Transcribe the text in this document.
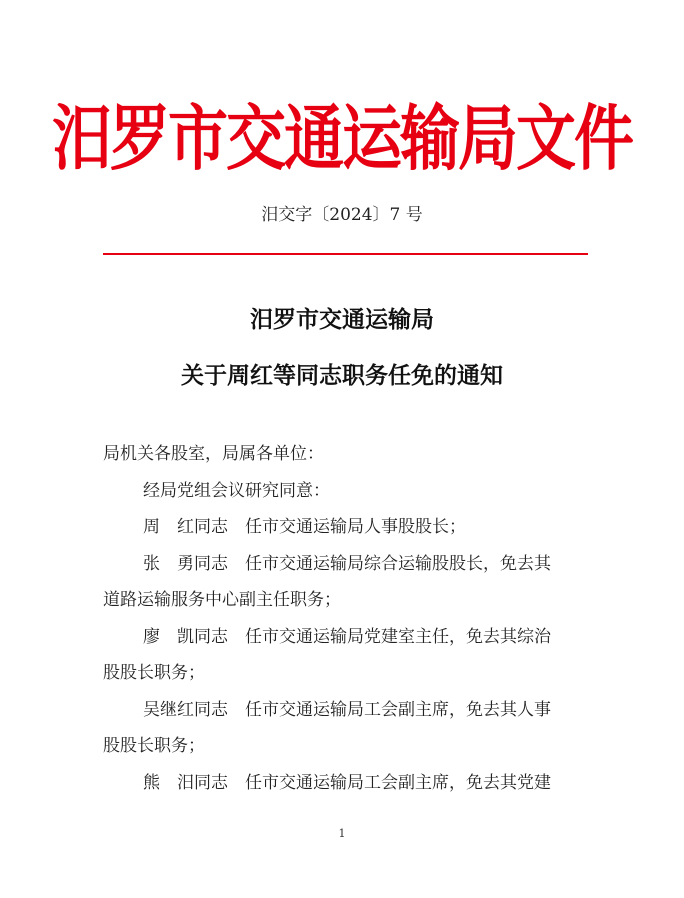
汨罗市交通运输局文件
汨交字〔2024〕7 号
汨罗市交通运输局
关于周红等同志职务任免的通知
局机关各股室，局属各单位：
经局党组会议研究同意：
周　红同志　任市交通运输局人事股股长；
张　勇同志　任市交通运输局综合运输股股长，免去其
道路运输服务中心副主任职务；
廖　凯同志　任市交通运输局党建室主任，免去其综治
股股长职务；
吴继红同志　任市交通运输局工会副主席，免去其人事
股股长职务；
熊　汨同志　任市交通运输局工会副主席，免去其党建
1
